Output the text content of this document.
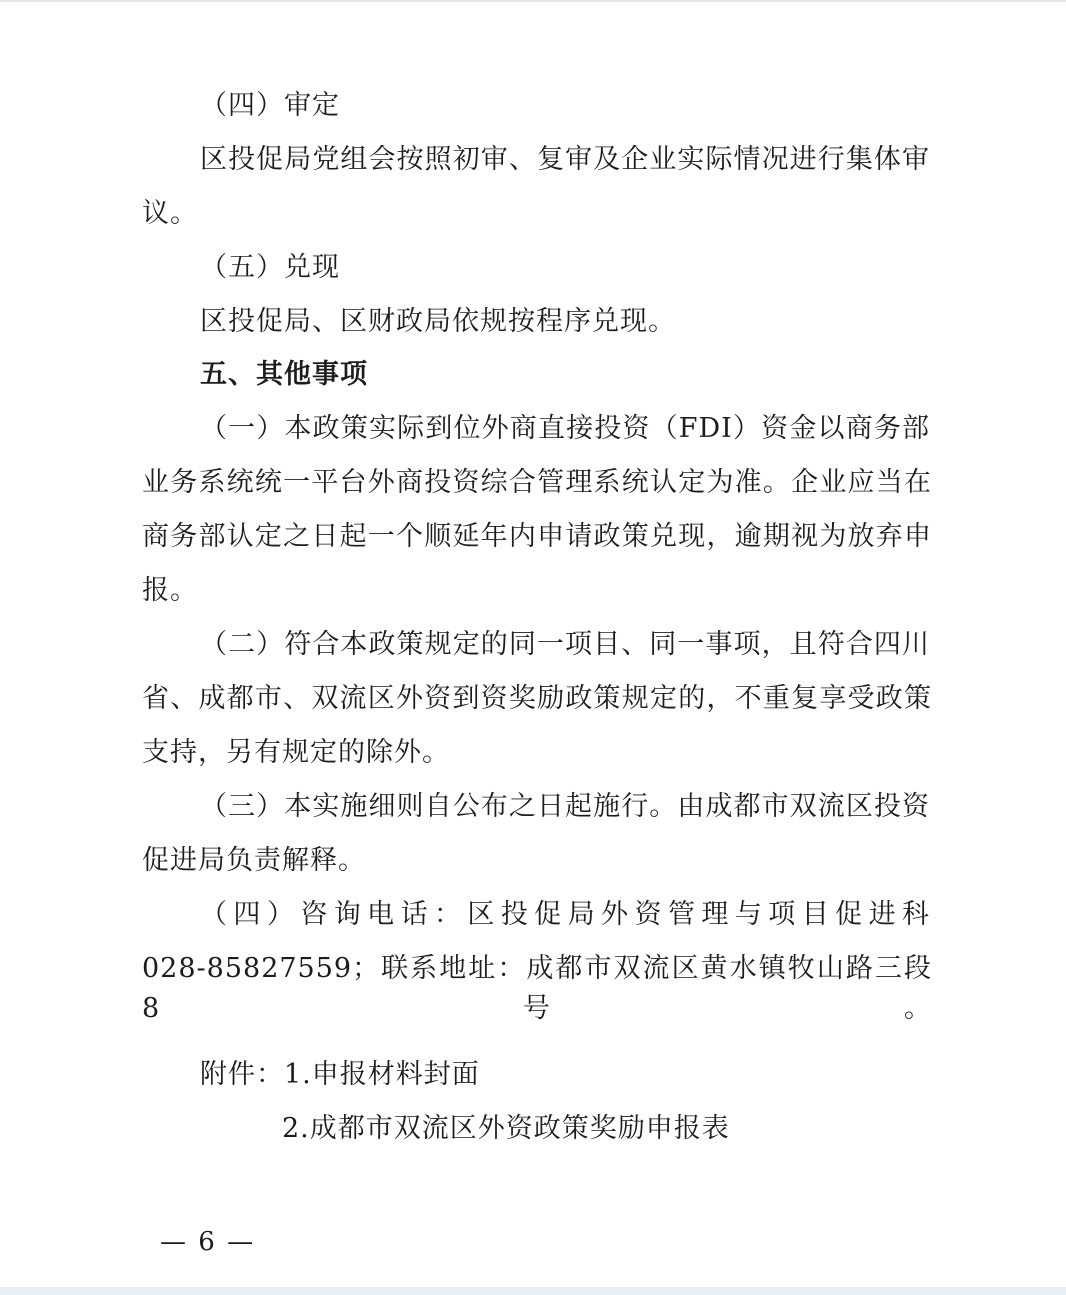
（四）审定
区投促局党组会按照初审、复审及企业实际情况进行集体审
议。
（五）兑现
区投促局、区财政局依规按程序兑现。
五、其他事项
（一）本政策实际到位外商直接投资（FDI）资金以商务部
业务系统统一平台外商投资综合管理系统认定为准。企业应当在
商务部认定之日起一个顺延年内申请政策兑现，逾期视为放弃申
报。
（二）符合本政策规定的同一项目、同一事项，且符合四川
省、成都市、双流区外资到资奖励政策规定的，不重复享受政策
支持，另有规定的除外。
（三）本实施细则自公布之日起施行。由成都市双流区投资
促进局负责解释。
（四）咨询电话：区投促局外资管理与项目促进科
028-85827559；联系地址：成都市双流区黄水镇牧山路三段 8 号。
附件：1.申报材料封面
2.成都市双流区外资政策奖励申报表
— 6 —
